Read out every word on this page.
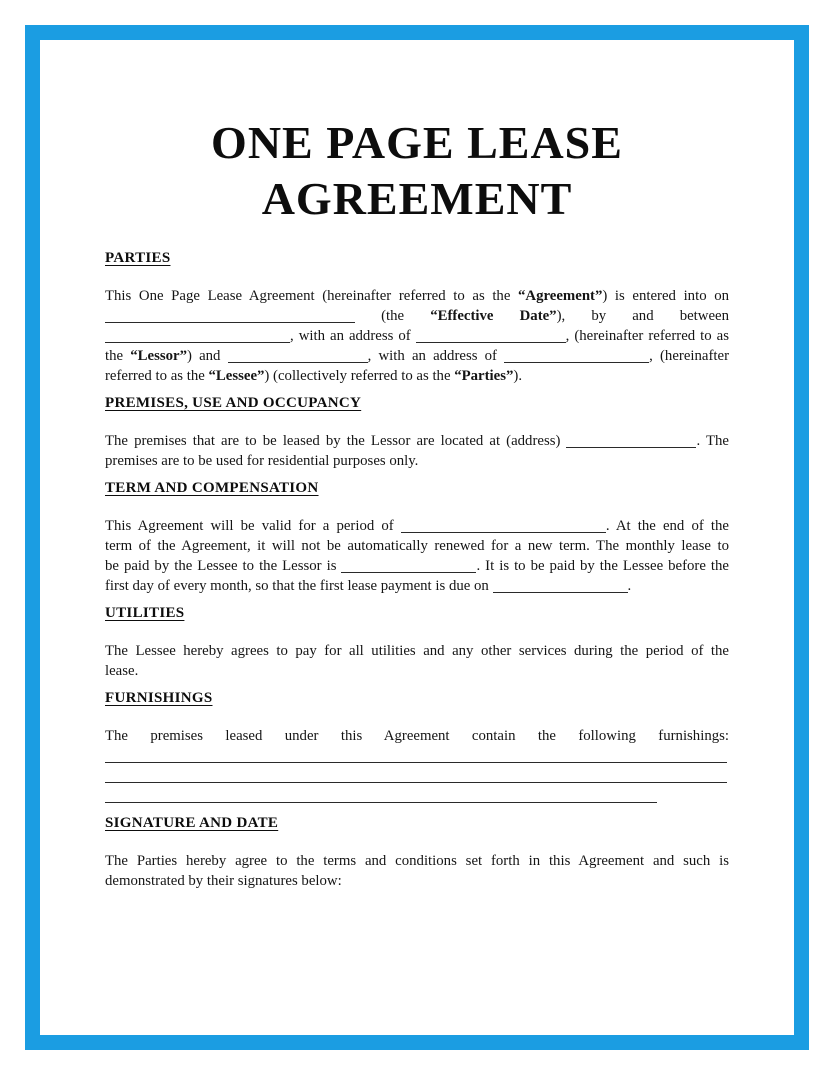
ONE PAGE LEASE
AGREEMENT
PARTIES
This One Page Lease Agreement (hereinafter referred to as the “Agreement”) is entered into on
(the “Effective Date”), by and between
, with an address of	, (hereinafter referred to as
the “Lessor”) and	, with an address of	, (hereinafter
referred to as the “Lessee”) (collectively referred to as the “Parties”).
PREMISES, USE AND OCCUPANCY
The premises that are to be leased by the Lessor are located at (address)	. The
premises are to be used for residential purposes only.
TERM AND COMPENSATION
This Agreement will be valid for a period of	. At the end of the
term of the Agreement, it will not be automatically renewed for a new term. The monthly lease to
be paid by the Lessee to the Lessor is	. It is to be paid by the Lessee before the
first day of every month, so that the first lease payment is due on	.
UTILITIES
The Lessee hereby agrees to pay for all utilities and any other services during the period of the
lease.
FURNISHINGS
The premises leased under this Agreement contain the following furnishings:
SIGNATURE AND DATE
The Parties hereby agree to the terms and conditions set forth in this Agreement and such is
demonstrated by their signatures below:
